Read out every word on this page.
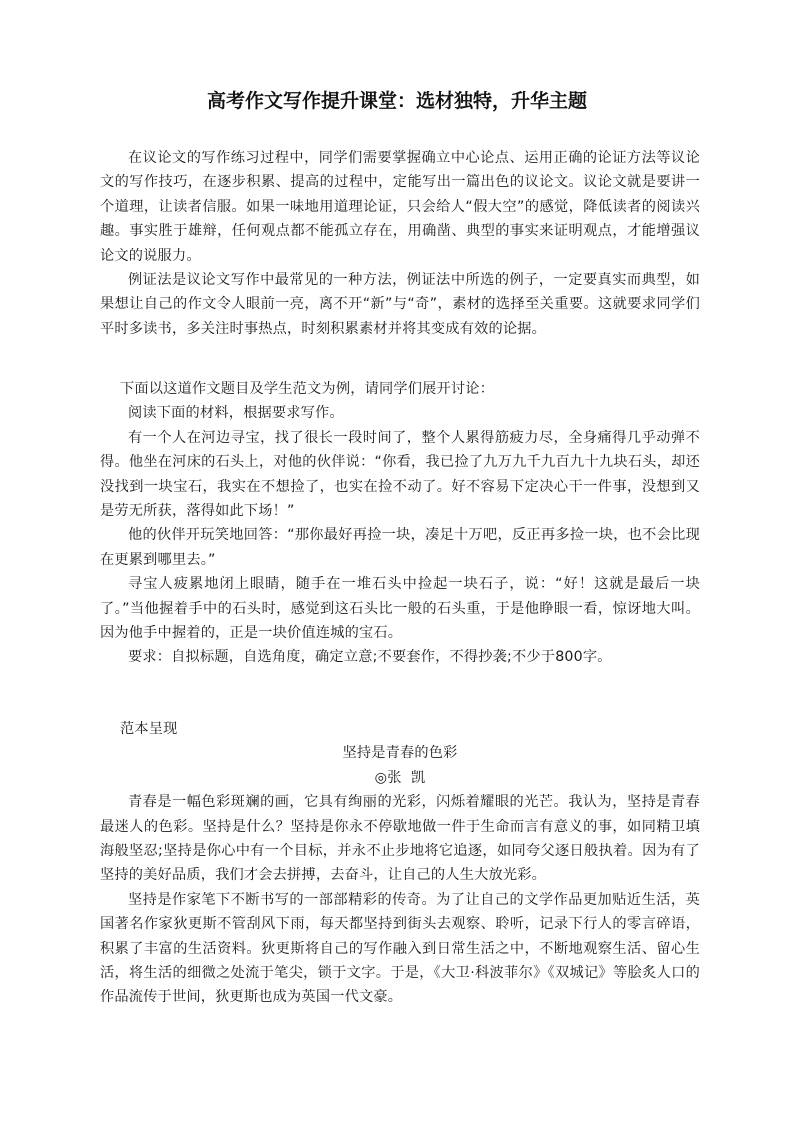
高考作文写作提升课堂：选材独特，升华主题

在议论文的写作练习过程中，同学们需要掌握确立中心论点、运用正确的论证方法等议论文的写作技巧，在逐步积累、提高的过程中，定能写出一篇出色的议论文。议论文就是要讲一个道理，让读者信服。如果一味地用道理论证，只会给人“假大空”的感觉，降低读者的阅读兴趣。事实胜于雄辩，任何观点都不能孤立存在，用确凿、典型的事实来证明观点，才能增强议论文的说服力。

例证法是议论文写作中最常见的一种方法，例证法中所选的例子，一定要真实而典型，如果想让自己的作文令人眼前一亮，离不开“新”与“奇”，素材的选择至关重要。这就要求同学们平时多读书，多关注时事热点，时刻积累素材并将其变成有效的论据。

下面以这道作文题目及学生范文为例，请同学们展开讨论：

阅读下面的材料，根据要求写作。

有一个人在河边寻宝，找了很长一段时间了，整个人累得筋疲力尽，全身痛得几乎动弹不得。他坐在河床的石头上，对他的伙伴说：“你看，我已捡了九万九千九百九十九块石头，却还没找到一块宝石，我实在不想捡了，也实在捡不动了。好不容易下定决心干一件事，没想到又是劳无所获，落得如此下场！”

他的伙伴开玩笑地回答：“那你最好再捡一块，凑足十万吧，反正再多捡一块，也不会比现在更累到哪里去。”

寻宝人疲累地闭上眼睛，随手在一堆石头中捡起一块石子，说：“好！这就是最后一块了。”当他握着手中的石头时，感觉到这石头比一般的石头重，于是他睁眼一看，惊讶地大叫。因为他手中握着的，正是一块价值连城的宝石。

要求：自拟标题，自选角度，确定立意;不要套作，不得抄袭;不少于800字。

范本呈现

坚持是青春的色彩

◎张  凯

青春是一幅色彩斑斓的画，它具有绚丽的光彩，闪烁着耀眼的光芒。我认为，坚持是青春最迷人的色彩。坚持是什么？坚持是你永不停歇地做一件于生命而言有意义的事，如同精卫填海般坚忍;坚持是你心中有一个目标，并永不止步地将它追逐，如同夸父逐日般执着。因为有了坚持的美好品质，我们才会去拼搏，去奋斗，让自己的人生大放光彩。

坚持是作家笔下不断书写的一部部精彩的传奇。为了让自己的文学作品更加贴近生活，英国著名作家狄更斯不管刮风下雨，每天都坚持到街头去观察、聆听，记录下行人的零言碎语，积累了丰富的生活资料。狄更斯将自己的写作融入到日常生活之中，不断地观察生活、留心生活，将生活的细微之处流于笔尖，锁于文字。于是，《大卫·科波菲尔》《双城记》等脍炙人口的作品流传于世间，狄更斯也成为英国一代文豪。
